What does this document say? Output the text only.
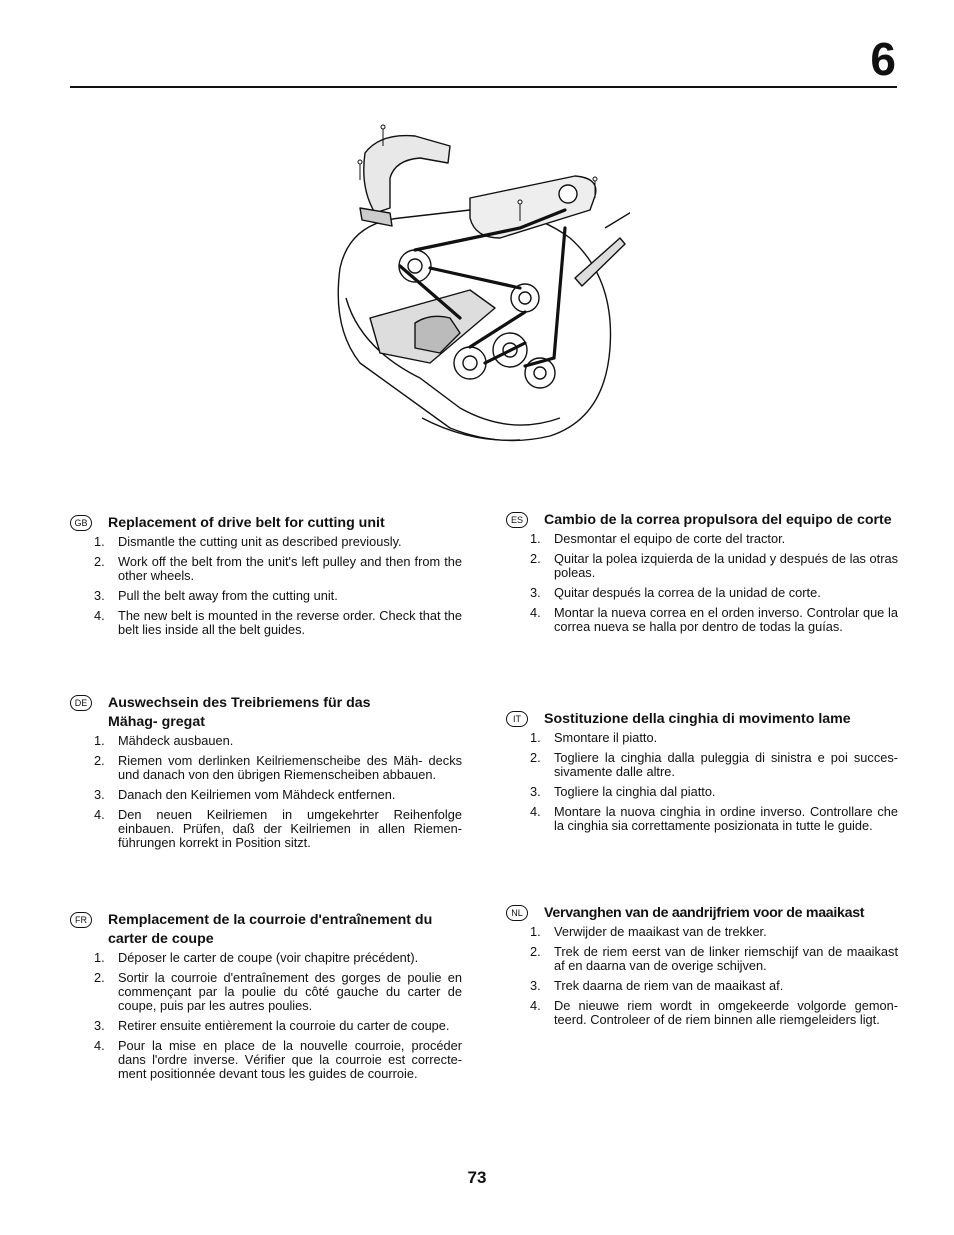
6
GB	Replacement of drive belt for cutting unit

1. Dismantle the cutting unit as described previously.
2. Work off the belt from the unit's left pulley and then from the other wheels.
3. Pull the belt away from the cutting unit.
4. The new belt is mounted in the reverse order. Check that the belt lies inside all the belt guides.
DE	Auswechsein des Treibriemens für das Mähag- gregat

1. Mähdeck ausbauen.
2. Riemen vom derlinken Keilriemenscheibe des Mäh- decks und danach von den übrigen Riemenscheiben abbauen.
3. Danach den Keilriemen vom Mähdeck entfernen.
4. Den neuen Keilriemen in umgekehrter Reihenfolge einbauen. Prüfen, daß der Keilriemen in allen Riemen- führungen korrekt in Position sitzt.
FR	Remplacement de la courroie d'entraînement du carter de coupe

1. Déposer le carter de coupe (voir chapitre précédent).
2. Sortir la courroie d'entraînement des gorges de poulie en commençant par la poulie du côté gauche du carter de coupe, puis par les autres poulies.
3. Retirer ensuite entièrement la courroie du carter de coupe.
4. Pour la mise en place de la nouvelle courroie, procéder dans l'ordre inverse. Vérifier que la courroie est correcte- ment positionnée devant tous les guides de courroie.
ES	Cambio de la correa propulsora del equipo de corte

1. Desmontar el equipo de corte del tractor.
2. Quitar la polea izquierda de la unidad y después de las otras poleas.
3. Quitar después la correa de la unidad de corte.
4. Montar la nueva correa en el orden inverso. Controlar que la correa nueva se halla por dentro de todas la guías.
IT	Sostituzione della cinghia di movimento lame

1. Smontare il piatto.
2. Togliere la cinghia dalla puleggia di sinistra e poi succes- sivamente dalle altre.
3. Togliere la cinghia dal piatto.
4. Montare la nuova cinghia in ordine inverso. Controllare che la cinghia sia correttamente posizionata in tutte le guide.
NL	Vervanghen van de aandrijfriem voor de maaikast

1. Verwijder de maaikast van de trekker.
2. Trek de riem eerst van de linker riemschijf van de maaikast af en daarna van de overige schijven.
3. Trek daarna de riem van de maaikast af.
4. De nieuwe riem wordt in omgekeerde volgorde gemon- teerd. Controleer of de riem binnen alle riemgeleiders ligt.
73
